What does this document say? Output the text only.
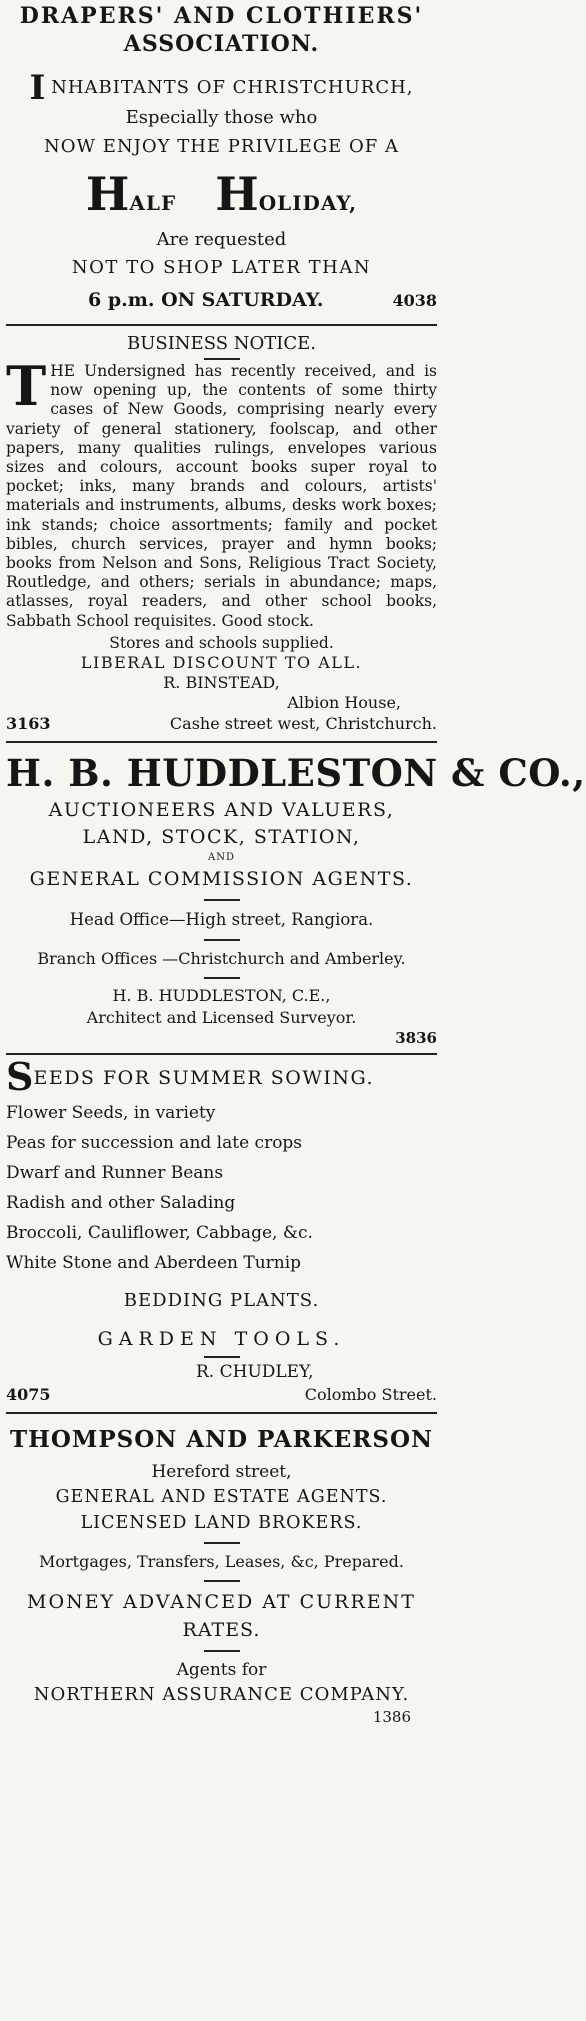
DRAPERS' AND CLOTHIERS'
ASSOCIATION.
I NHABITANTS OF CHRISTCHURCH,
Especially those who
NOW ENJOY THE PRIVILEGE OF A
HALF HOLIDAY,
Are requested
NOT TO SHOP LATER THAN
6 p.m. ON SATURDAY.	4038
BUSINESS NOTICE.
THE Undersigned has recently received, and is now opening up, the contents of some thirty cases of New Goods, comprising nearly every variety of general stationery, foolscap, and other papers, many qualities rulings, envelopes various sizes and colours, account books super royal to pocket; inks, many brands and colours, artists' materials and instruments, albums, desks work boxes; ink stands; choice assortments; family and pocket bibles, church services, prayer and hymn books; books from Nelson and Sons, Religious Tract Society, Routledge, and others; serials in abundance; maps, atlasses, royal readers, and other school books, Sabbath School requisites. Good stock.
Stores and schools supplied.
LIBERAL DISCOUNT TO ALL.
R. BINSTEAD,
Albion House,
3163	Cashe street west, Christchurch.
H. B. HUDDLESTON & CO.,
AUCTIONEERS AND VALUERS,
LAND, STOCK, STATION,
AND
GENERAL COMMISSION AGENTS.
Head Office—High street, Rangiora.
Branch Offices —Christchurch and Amberley.
H. B. HUDDLESTON, C.E.,
Architect and Licensed Surveyor.
3836
SEEDS FOR SUMMER SOWING.
Flower Seeds, in variety
Peas for succession and late crops
Dwarf and Runner Beans
Radish and other Salading
Broccoli, Cauliflower, Cabbage, &c.
White Stone and Aberdeen Turnip
BEDDING PLANTS.
GARDEN TOOLS.
R. CHUDLEY,
4075	Colombo Street.
THOMPSON AND PARKERSON
Hereford street,
GENERAL AND ESTATE AGENTS.
LICENSED LAND BROKERS.
Mortgages, Transfers, Leases, &c, Prepared.
MONEY ADVANCED AT CURRENT
RATES.
Agents for
NORTHERN ASSURANCE COMPANY.
1386
